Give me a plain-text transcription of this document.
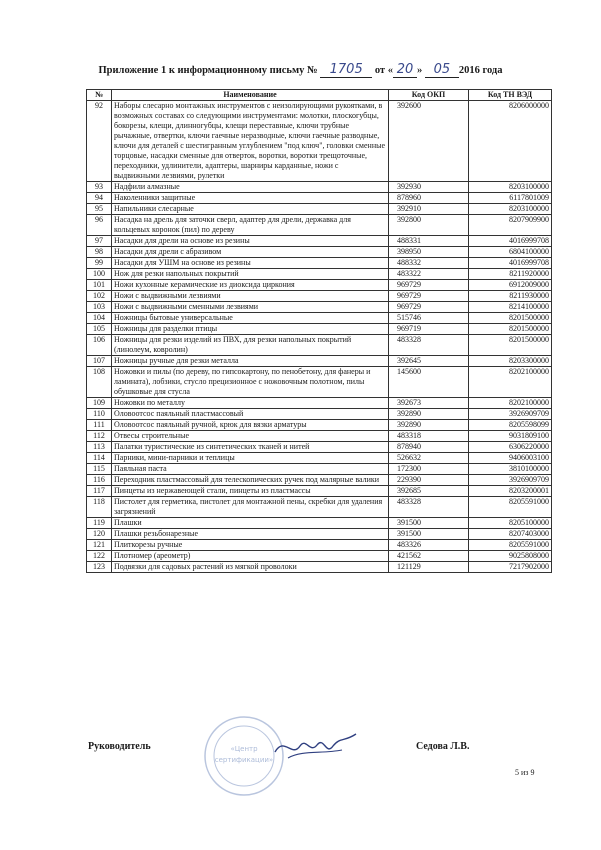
Приложение 1 к информационному письму № 1705 от « 20 » 05 2016 года
№	Наименование	Код ОКП	Код ТН ВЭД
92	Наборы слесарно монтажных инструментов с неизолирующими рукоятками, в возможных составах со следующими инструментами: молотки, плоскогубцы, бокорезы, клещи, длинногубцы, клещи переставные, ключи трубные рычажные, отвертки, ключи гаечные неразводные, ключи гаечные разводные, ключи для деталей с шестигранным углублением "под ключ", головки сменные торцовые, насадки сменные для отверток, воротки, воротки трещоточные, переходники, удлинители, адаптеры, шарниры карданные, ножи с выдвижными лезвиями, рулетки	392600	8206000000
93	Надфили алмазные	392930	8203100000
94	Наколенники защитные	878960	6117801009
95	Напильники слесарные	392910	8203100000
96	Насадка на дрель для заточки сверл, адаптер для дрели, державка для кольцевых коронок (пил) по дереву	392800	8207909900
97	Насадки для дрели на основе из резины	488331	4016999708
98	Насадки для дрели с абразивом	398950	6804100000
99	Насадки для УШМ на основе из резины	488332	4016999708
100	Нож для резки напольных покрытий	483322	8211920000
101	Ножи кухонные керамические из диоксида циркония	969729	6912009000
102	Ножи с выдвижными лезвиями	969729	8211930000
103	Ножи с выдвижными сменными лезвиями	969729	8214100000
104	Ножницы бытовые универсальные	515746	8201500000
105	Ножницы для разделки птицы	969719	8201500000
106	Ножницы для резки изделий из ПВХ, для резки напольных покрытий (линолеум, ковролин)	483328	8201500000
107	Ножницы ручные для резки металла	392645	8203300000
108	Ножовки и пилы (по дереву, по гипсокартону, по пенобетону, для фанеры и ламината), лобзики, стусло прецизионное с ножовочным полотном, пилы обушковые для стусла	145600	8202100000
109	Ножовки по металлу	392673	8202100000
110	Оловоотсос паяльный пластмассовый	392890	3926909709
111	Оловоотсос паяльный ручной, крюк для вязки арматуры	392890	8205598099
112	Отвесы строительные	483318	9031809100
113	Палатки туристические из синтетических тканей и нитей	878940	6306220000
114	Парники, мини-парники и теплицы	526632	9406003100
115	Паяльная паста	172300	3810100000
116	Переходник пластмассовый для телескопических ручек под малярные валики	229390	3926909709
117	Пинцеты из нержавеющей стали, пинцеты из пластмассы	392685	8203200001
118	Пистолет для герметика, пистолет для монтажной пены, скребки для удаления загрязнений	483328	8205591000
119	Плашки	391500	8205100000
120	Плашки резьбонарезные	391500	8207403000
121	Плиткорезы ручные	483326	8205591000
122	Плотномер (ареометр)	421562	9025808000
123	Подвязки для садовых растений из мягкой проволоки	121129	7217902000
«Центр
сертификации»
Руководитель	Седова Л.В.
5 из 9
